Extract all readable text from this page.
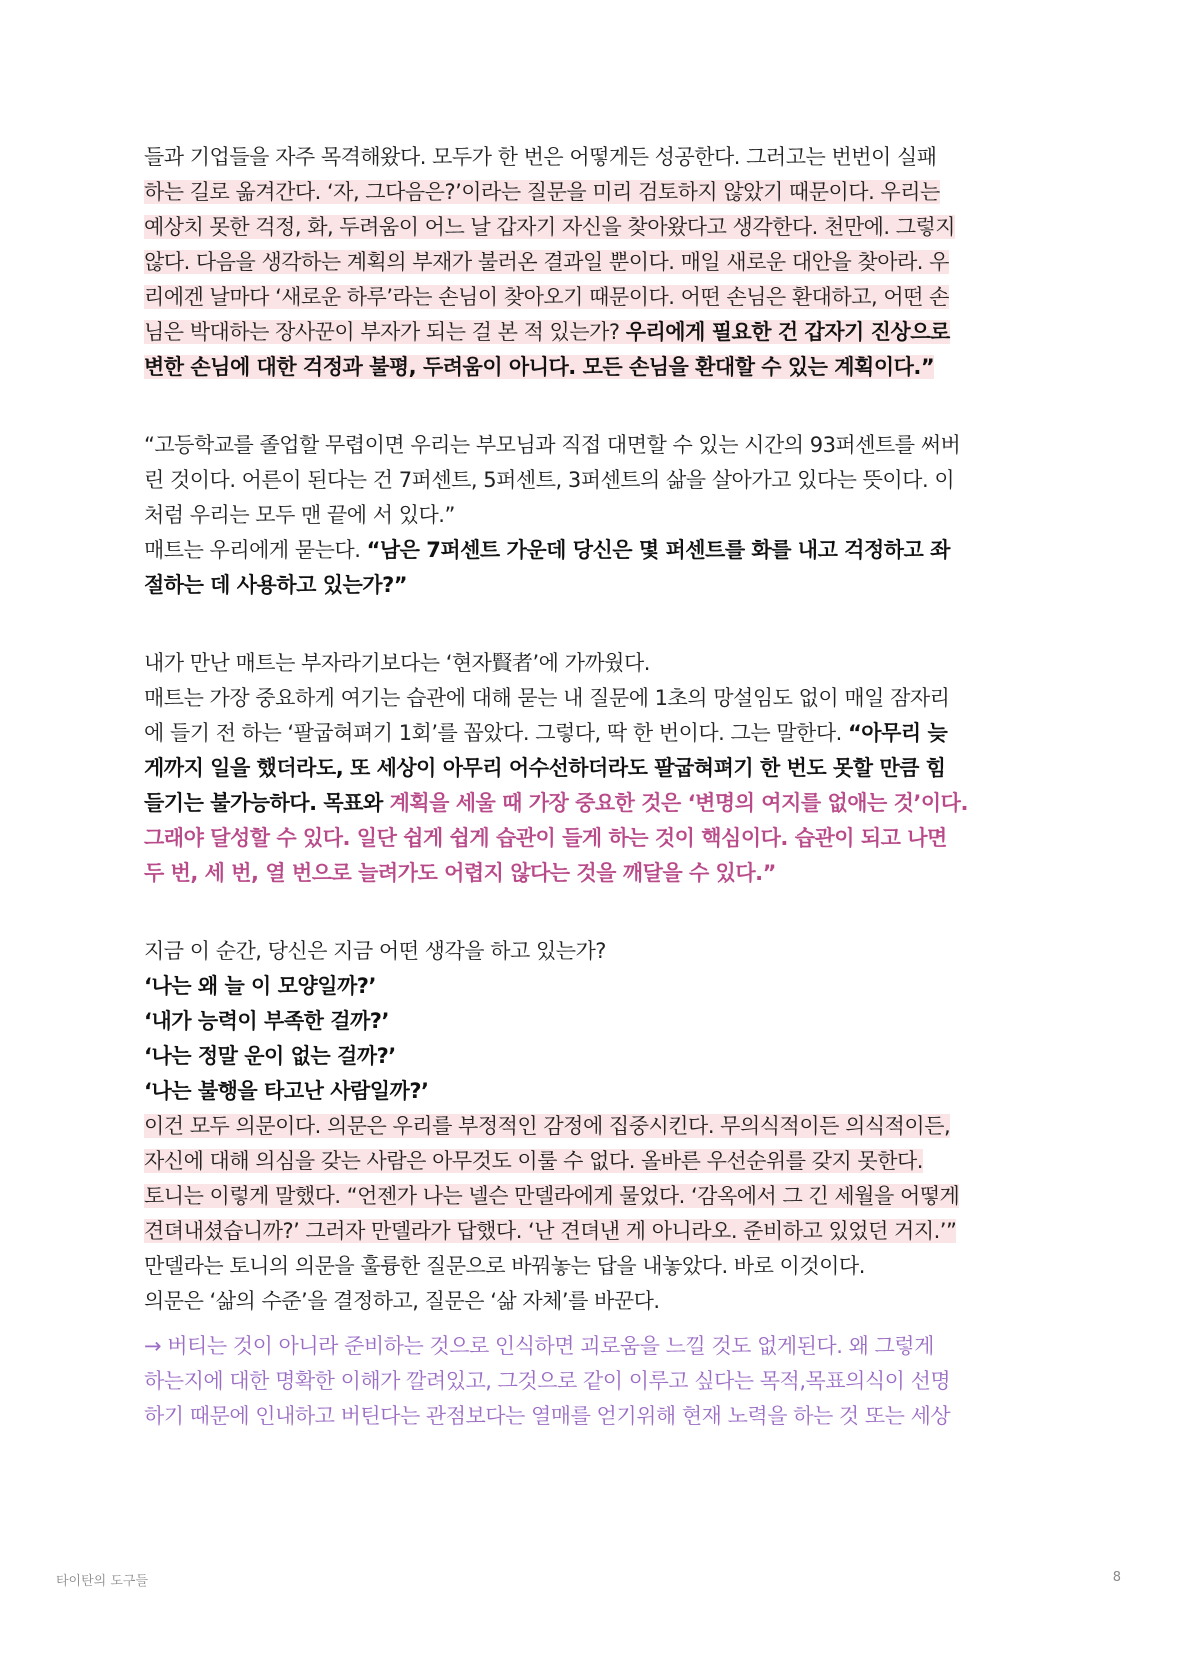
들과 기업들을 자주 목격해왔다. 모두가 한 번은 어떻게든 성공한다. 그러고는 번번이 실패
하는 길로 옮겨간다. ‘자, 그다음은?’이라는 질문을 미리 검토하지 않았기 때문이다. 우리는
예상치 못한 걱정, 화, 두려움이 어느 날 갑자기 자신을 찾아왔다고 생각한다. 천만에. 그렇지
않다. 다음을 생각하는 계획의 부재가 불러온 결과일 뿐이다. 매일 새로운 대안을 찾아라. 우
리에겐 날마다 ‘새로운 하루’라는 손님이 찾아오기 때문이다. 어떤 손님은 환대하고, 어떤 손
님은 박대하는 장사꾼이 부자가 되는 걸 본 적 있는가? 우리에게 필요한 건 갑자기 진상으로
변한 손님에 대한 걱정과 불평, 두려움이 아니다. 모든 손님을 환대할 수 있는 계획이다.”
“고등학교를 졸업할 무렵이면 우리는 부모님과 직접 대면할 수 있는 시간의 93퍼센트를 써버
린 것이다. 어른이 된다는 건 7퍼센트, 5퍼센트, 3퍼센트의 삶을 살아가고 있다는 뜻이다. 이
처럼 우리는 모두 맨 끝에 서 있다.”
매트는 우리에게 묻는다. “남은 7퍼센트 가운데 당신은 몇 퍼센트를 화를 내고 걱정하고 좌
절하는 데 사용하고 있는가?”
내가 만난 매트는 부자라기보다는 ‘현자賢者’에 가까웠다.
매트는 가장 중요하게 여기는 습관에 대해 묻는 내 질문에 1초의 망설임도 없이 매일 잠자리
에 들기 전 하는 ‘팔굽혀펴기 1회’를 꼽았다. 그렇다, 딱 한 번이다. 그는 말한다. “아무리 늦
게까지 일을 했더라도, 또 세상이 아무리 어수선하더라도 팔굽혀펴기 한 번도 못할 만큼 힘
들기는 불가능하다. 목표와 계획을 세울 때 가장 중요한 것은 ‘변명의 여지를 없애는 것’이다.
그래야 달성할 수 있다. 일단 쉽게 쉽게 습관이 들게 하는 것이 핵심이다. 습관이 되고 나면
두 번, 세 번, 열 번으로 늘려가도 어렵지 않다는 것을 깨달을 수 있다.”
지금 이 순간, 당신은 지금 어떤 생각을 하고 있는가?
‘나는 왜 늘 이 모양일까?’
‘내가 능력이 부족한 걸까?’
‘나는 정말 운이 없는 걸까?’
‘나는 불행을 타고난 사람일까?’
이건 모두 의문이다. 의문은 우리를 부정적인 감정에 집중시킨다. 무의식적이든 의식적이든,
자신에 대해 의심을 갖는 사람은 아무것도 이룰 수 없다. 올바른 우선순위를 갖지 못한다.
토니는 이렇게 말했다. “언젠가 나는 넬슨 만델라에게 물었다. ‘감옥에서 그 긴 세월을 어떻게
견뎌내셨습니까?’ 그러자 만델라가 답했다. ‘난 견뎌낸 게 아니라오. 준비하고 있었던 거지.’”
만델라는 토니의 의문을 훌륭한 질문으로 바꿔놓는 답을 내놓았다. 바로 이것이다.
의문은 ‘삶의 수준’을 결정하고, 질문은 ‘삶 자체’를 바꾼다.
→ 버티는 것이 아니라 준비하는 것으로 인식하면 괴로움을 느낄 것도 없게된다. 왜 그렇게
하는지에 대한 명확한 이해가 깔려있고, 그것으로 같이 이루고 싶다는 목적,목표의식이 선명
하기 때문에 인내하고 버틴다는 관점보다는 열매를 얻기위해 현재 노력을 하는 것 또는 세상
타이탄의 도구들	8
